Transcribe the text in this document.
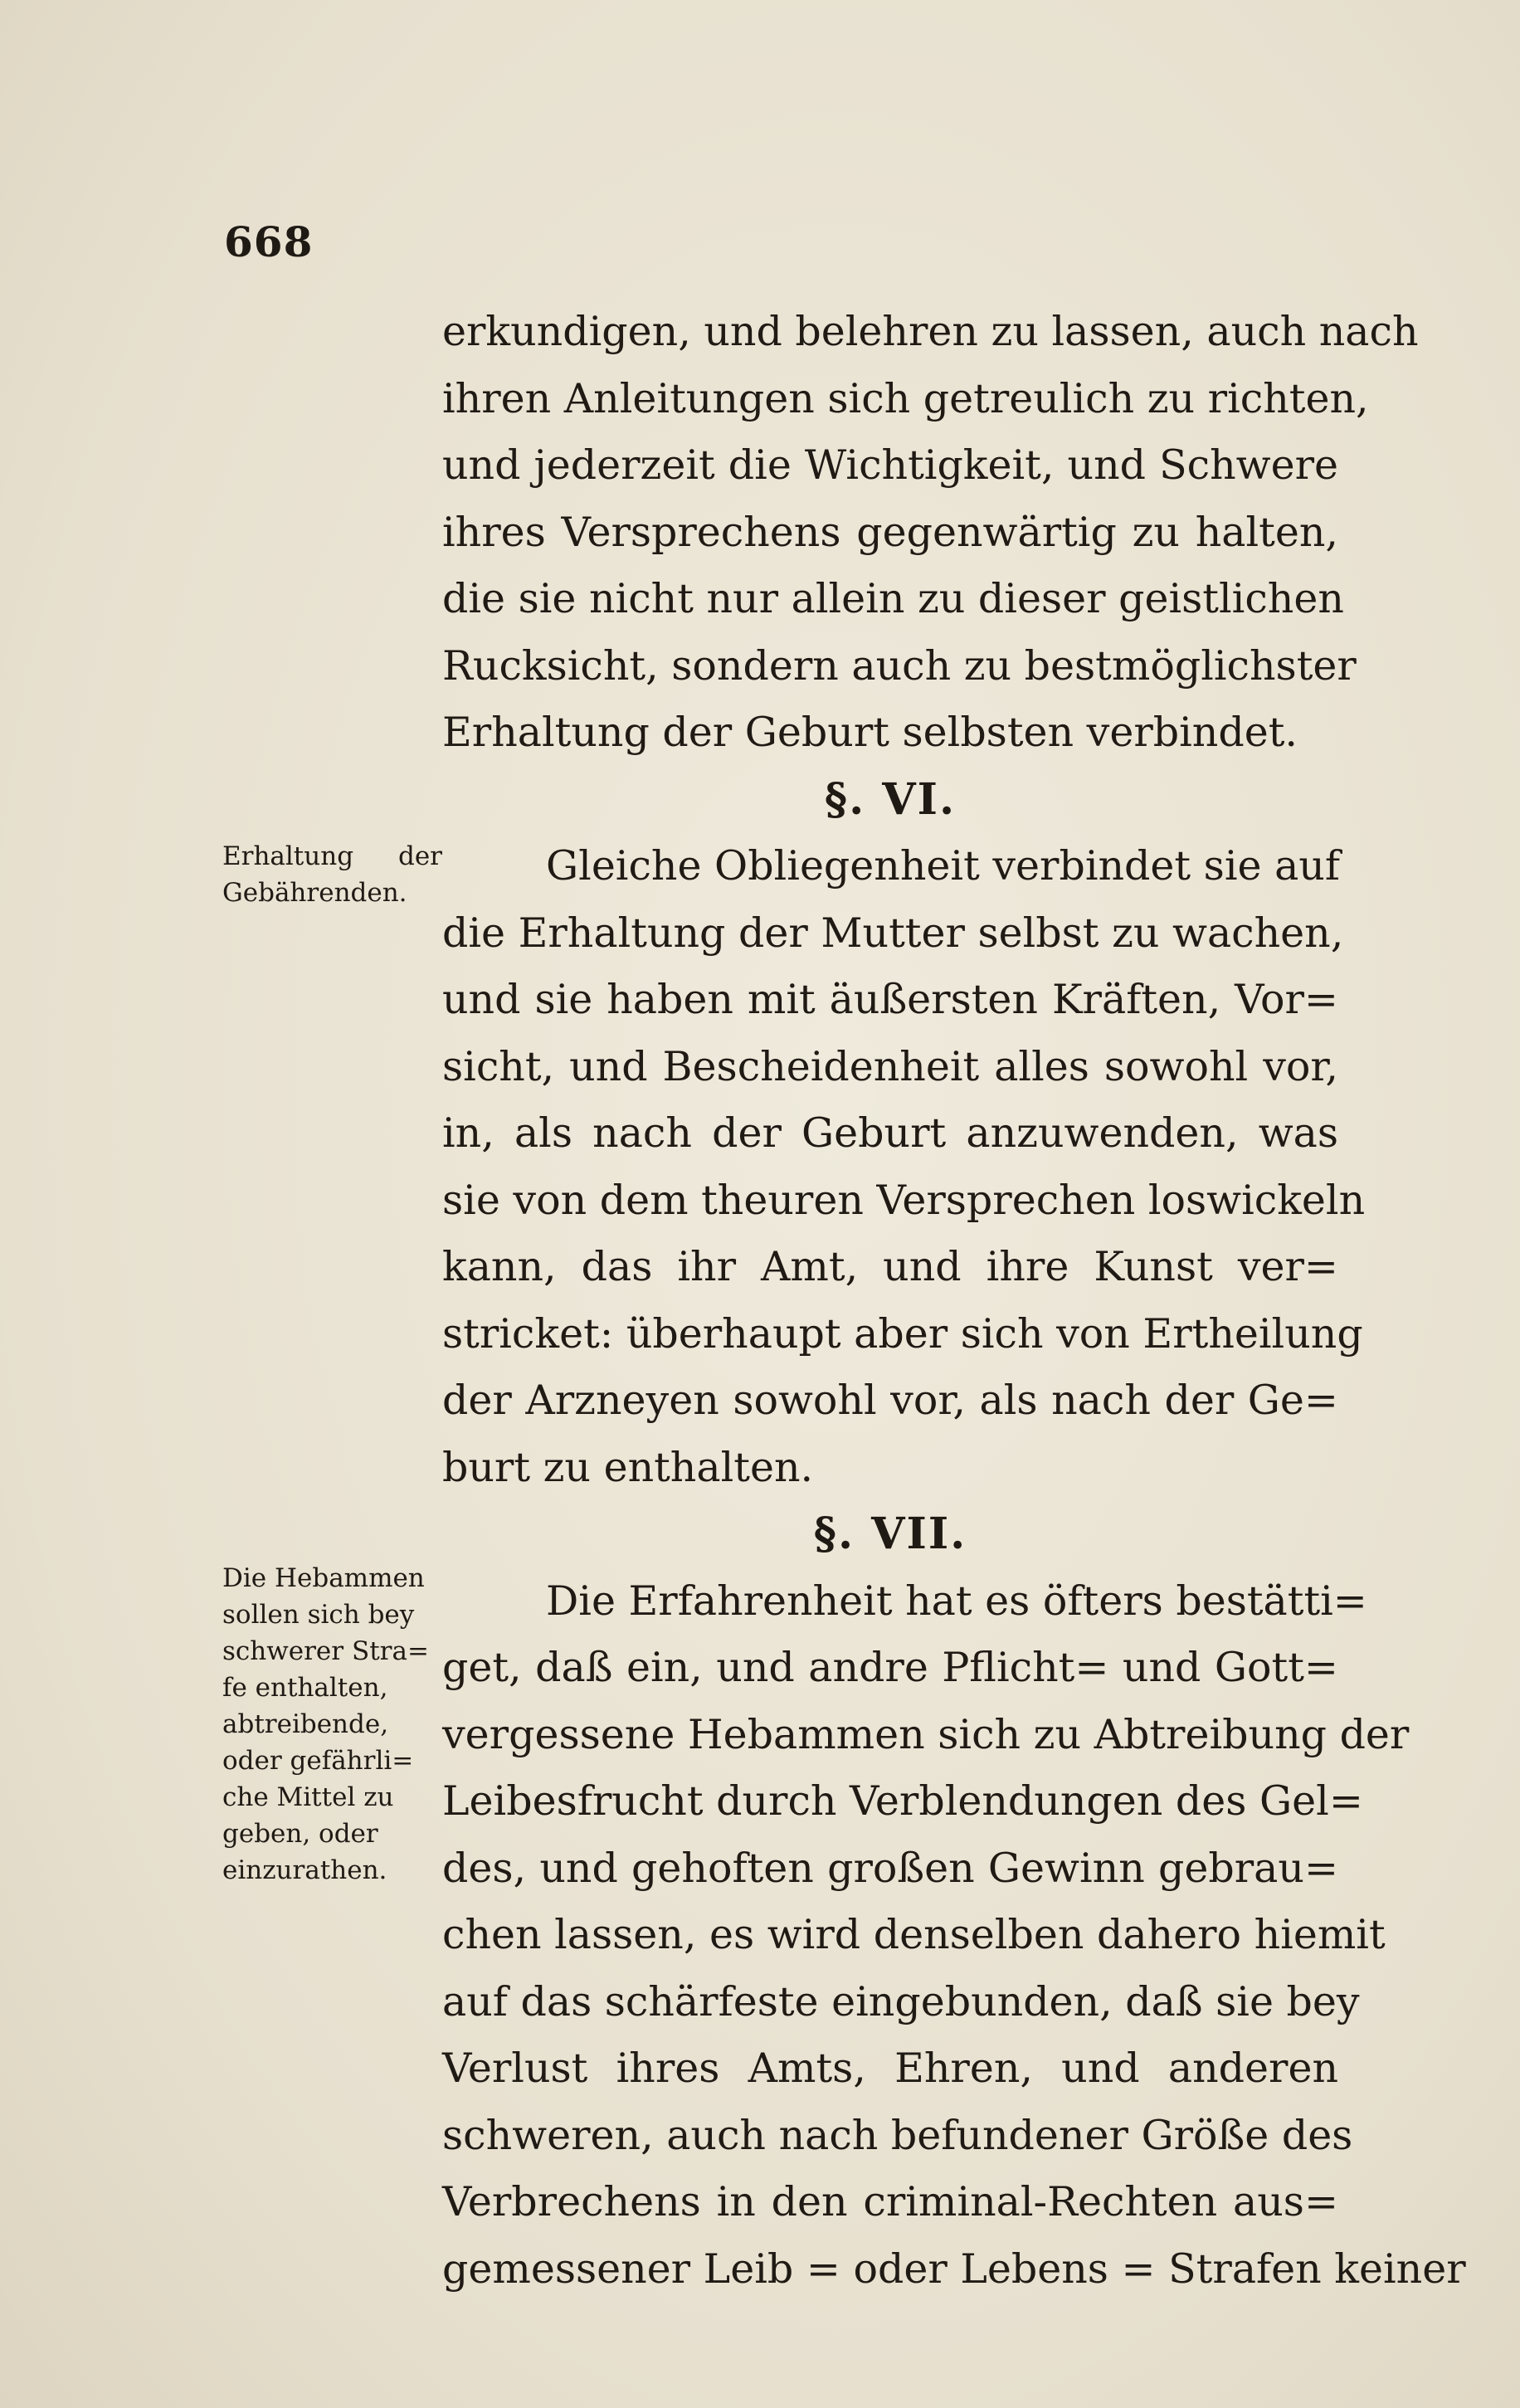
668
erkundigen, und belehren zu lassen, auch nach
ihren Anleitungen sich getreulich zu richten,
und jederzeit die Wichtigkeit, und Schwere
ihres Versprechens gegenwärtig zu halten,
die sie nicht nur allein zu dieser geistlichen
Rucksicht, sondern auch zu bestmöglichster
Erhaltung der Geburt selbsten verbindet.
§. VI.
Gleiche Obliegenheit verbindet sie auf
die Erhaltung der Mutter selbst zu wachen,
und sie haben mit äußersten Kräften, Vor=
sicht, und Bescheidenheit alles sowohl vor,
in, als nach der Geburt anzuwenden, was
sie von dem theuren Versprechen loswickeln
kann, das ihr Amt, und ihre Kunst ver=
stricket: überhaupt aber sich von Ertheilung
der Arzneyen sowohl vor, als nach der Ge=
burt zu enthalten.
§. VII.
Die Erfahrenheit hat es öfters bestätti=
get, daß ein, und andre Pflicht= und Gott=
vergessene Hebammen sich zu Abtreibung der
Leibesfrucht durch Verblendungen des Gel=
des, und gehoften großen Gewinn gebrau=
chen lassen, es wird denselben dahero hiemit
auf das schärfeste eingebunden, daß sie bey
Verlust ihres Amts, Ehren, und anderen
schweren, auch nach befundener Größe des
Verbrechens in den criminal-Rechten aus=
gemessener Leib = oder Lebens = Strafen keiner
Erhaltung der
Gebährenden.
Die Hebammen
sollen sich bey
schwerer Stra=
fe enthalten,
abtreibende,
oder gefährli=
che Mittel zu
geben, oder
einzurathen.
